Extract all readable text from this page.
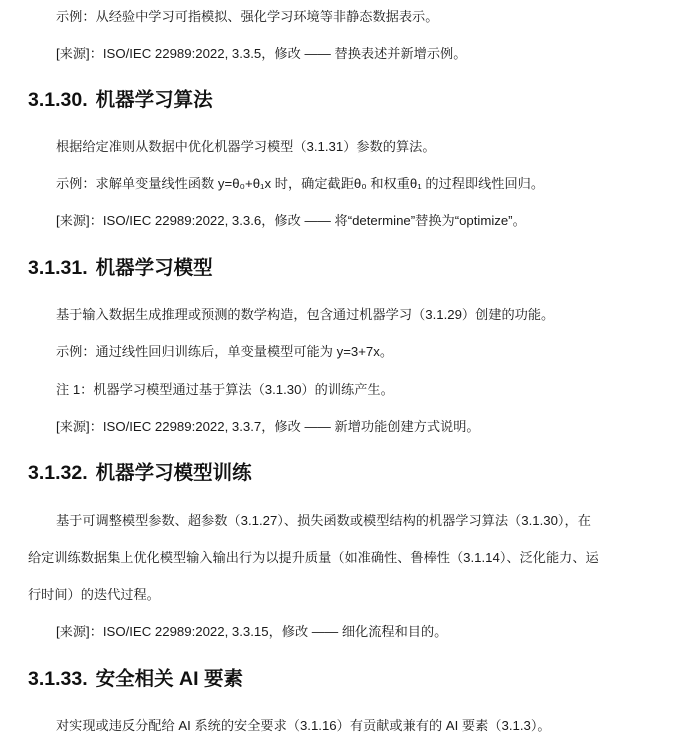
示例：从经验中学习可指模拟、强化学习环境等非静态数据表示。
[来源]：ISO/IEC 22989:2022, 3.3.5，修改 —— 替换表述并新增示例。
3.1.30. 机器学习算法
根据给定准则从数据中优化机器学习模型（3.1.31）参数的算法。
示例：求解单变量线性函数 y=θ₀+θ₁x 时，确定截距θ₀ 和权重θ₁ 的过程即线性回归。
[来源]：ISO/IEC 22989:2022, 3.3.6，修改 —— 将“determine”替换为“optimize”。
3.1.31. 机器学习模型
基于输入数据生成推理或预测的数学构造，包含通过机器学习（3.1.29）创建的功能。
示例：通过线性回归训练后，单变量模型可能为 y=3+7x。
注 1：机器学习模型通过基于算法（3.1.30）的训练产生。
[来源]：ISO/IEC 22989:2022, 3.3.7，修改 —— 新增功能创建方式说明。
3.1.32. 机器学习模型训练
基于可调整模型参数、超参数（3.1.27）、损失函数或模型结构的机器学习算法（3.1.30），在
给定训练数据集上优化模型输入输出行为以提升质量（如准确性、鲁棒性（3.1.14）、泛化能力、运
行时间）的迭代过程。
[来源]：ISO/IEC 22989:2022, 3.3.15，修改 —— 细化流程和目的。
3.1.33. 安全相关 AI 要素
对实现或违反分配给 AI 系统的安全要求（3.1.16）有贡献或兼有的 AI 要素（3.1.3）。
